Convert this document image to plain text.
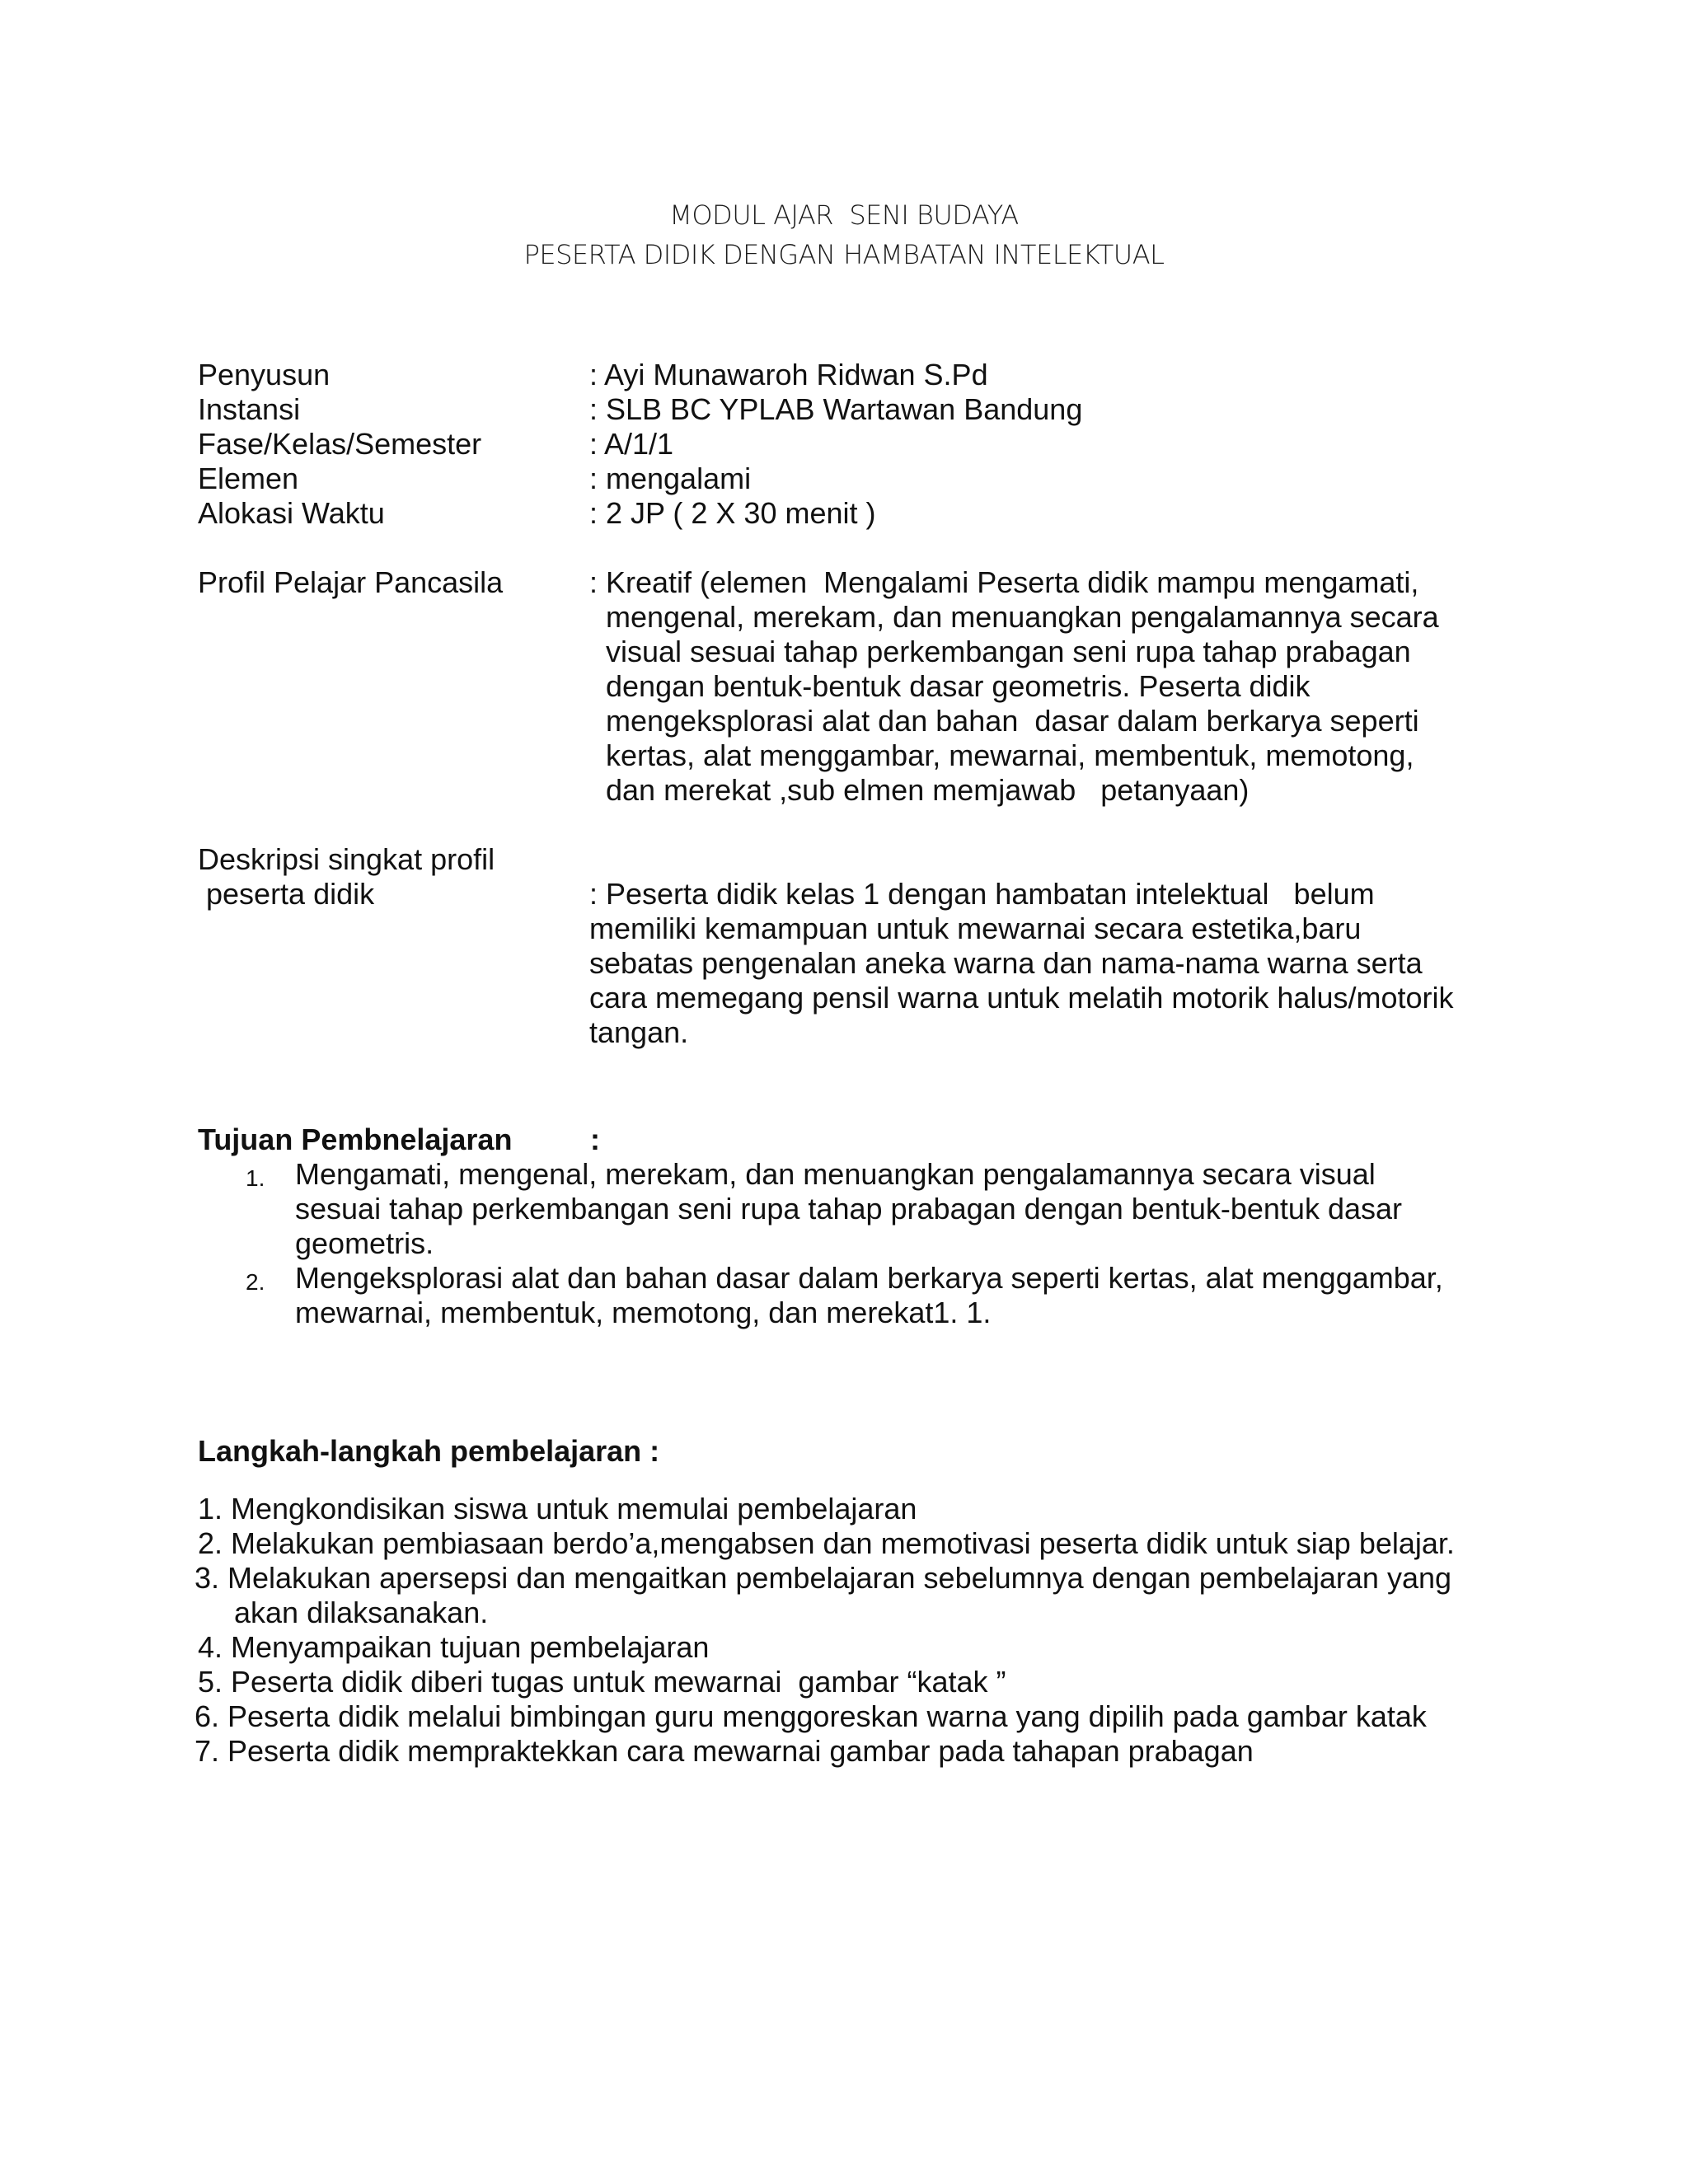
MODUL AJAR  SENI BUDAYA
PESERTA DIDIK DENGAN HAMBATAN INTELEKTUAL
Penyusun	: Ayi Munawaroh Ridwan S.Pd
Instansi	: SLB BC YPLAB Wartawan Bandung
Fase/Kelas/Semester	: A/1/1
Elemen	: mengalami
Alokasi Waktu	: 2 JP ( 2 X 30 menit )
Profil Pelajar Pancasila	: Kreatif (elemen  Mengalami Peserta didik mampu mengamati,
mengenal, merekam, dan menuangkan pengalamannya secara
visual sesuai tahap perkembangan seni rupa tahap prabagan
dengan bentuk-bentuk dasar geometris. Peserta didik
mengeksplorasi alat dan bahan  dasar dalam berkarya seperti
kertas, alat menggambar, mewarnai, membentuk, memotong,
dan merekat ,sub elmen memjawab   petanyaan)
Deskripsi singkat profil
peserta didik	: Peserta didik kelas 1 dengan hambatan intelektual   belum
memiliki kemampuan untuk mewarnai secara estetika,baru
sebatas pengenalan aneka warna dan nama-nama warna serta
cara memegang pensil warna untuk melatih motorik halus/motorik
tangan.
Tujuan Pembnelajaran	:
1. Mengamati, mengenal, merekam, dan menuangkan pengalamannya secara visual
sesuai tahap perkembangan seni rupa tahap prabagan dengan bentuk-bentuk dasar
geometris.
2. Mengeksplorasi alat dan bahan dasar dalam berkarya seperti kertas, alat menggambar,
mewarnai, membentuk, memotong, dan merekat1. 1.
Langkah-langkah pembelajaran :
1. Mengkondisikan siswa untuk memulai pembelajaran
2. Melakukan pembiasaan berdo’a,mengabsen dan memotivasi peserta didik untuk siap belajar.
3. Melakukan apersepsi dan mengaitkan pembelajaran sebelumnya dengan pembelajaran yang
akan dilaksanakan.
4. Menyampaikan tujuan pembelajaran
5. Peserta didik diberi tugas untuk mewarnai  gambar “katak ”
6. Peserta didik melalui bimbingan guru menggoreskan warna yang dipilih pada gambar katak
7. Peserta didik mempraktekkan cara mewarnai gambar pada tahapan prabagan
